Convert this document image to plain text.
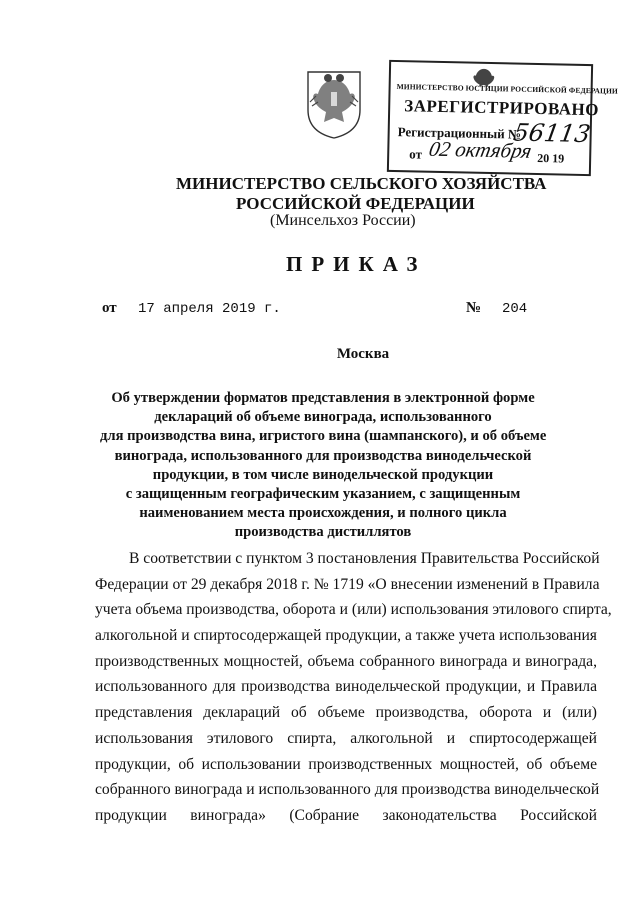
МИНИСТЕРСТВО ЮСТИЦИИ РОССИЙСКОЙ ФЕДЕРАЦИИ
ЗАРЕГИСТРИРОВАНО
Регистрационный №
56113
от 02 октября 20 19
МИНИСТЕРСТВО СЕЛЬСКОГО ХОЗЯЙСТВА
РОССИЙСКОЙ ФЕДЕРАЦИИ
(Минсельхоз России)
ПРИКАЗ
от 17 апреля 2019 г.	№ 204
Москва
Об утверждении форматов представления в электронной форме
деклараций об объеме винограда, использованного
для производства вина, игристого вина (шампанского), и об объеме
винограда, использованного для производства винодельческой
продукции, в том числе винодельческой продукции
с защищенным географическим указанием, с защищенным
наименованием места происхождения, и полного цикла
производства дистиллятов
В соответствии с пунктом 3 постановления Правительства Российской
Федерации от 29 декабря 2018 г. № 1719 «О внесении изменений в Правила
учета объема производства, оборота и (или) использования этилового спирта,
алкогольной и спиртосодержащей продукции, а также учета использования
производственных мощностей, объема собранного винограда и винограда,
использованного для производства винодельческой продукции, и Правила
представления деклараций об объеме производства, оборота и (или)
использования этилового спирта, алкогольной и спиртосодержащей
продукции, об использовании производственных мощностей, об объеме
собранного винограда и использованного для производства винодельческой
продукции винограда» (Собрание законодательства Российской
